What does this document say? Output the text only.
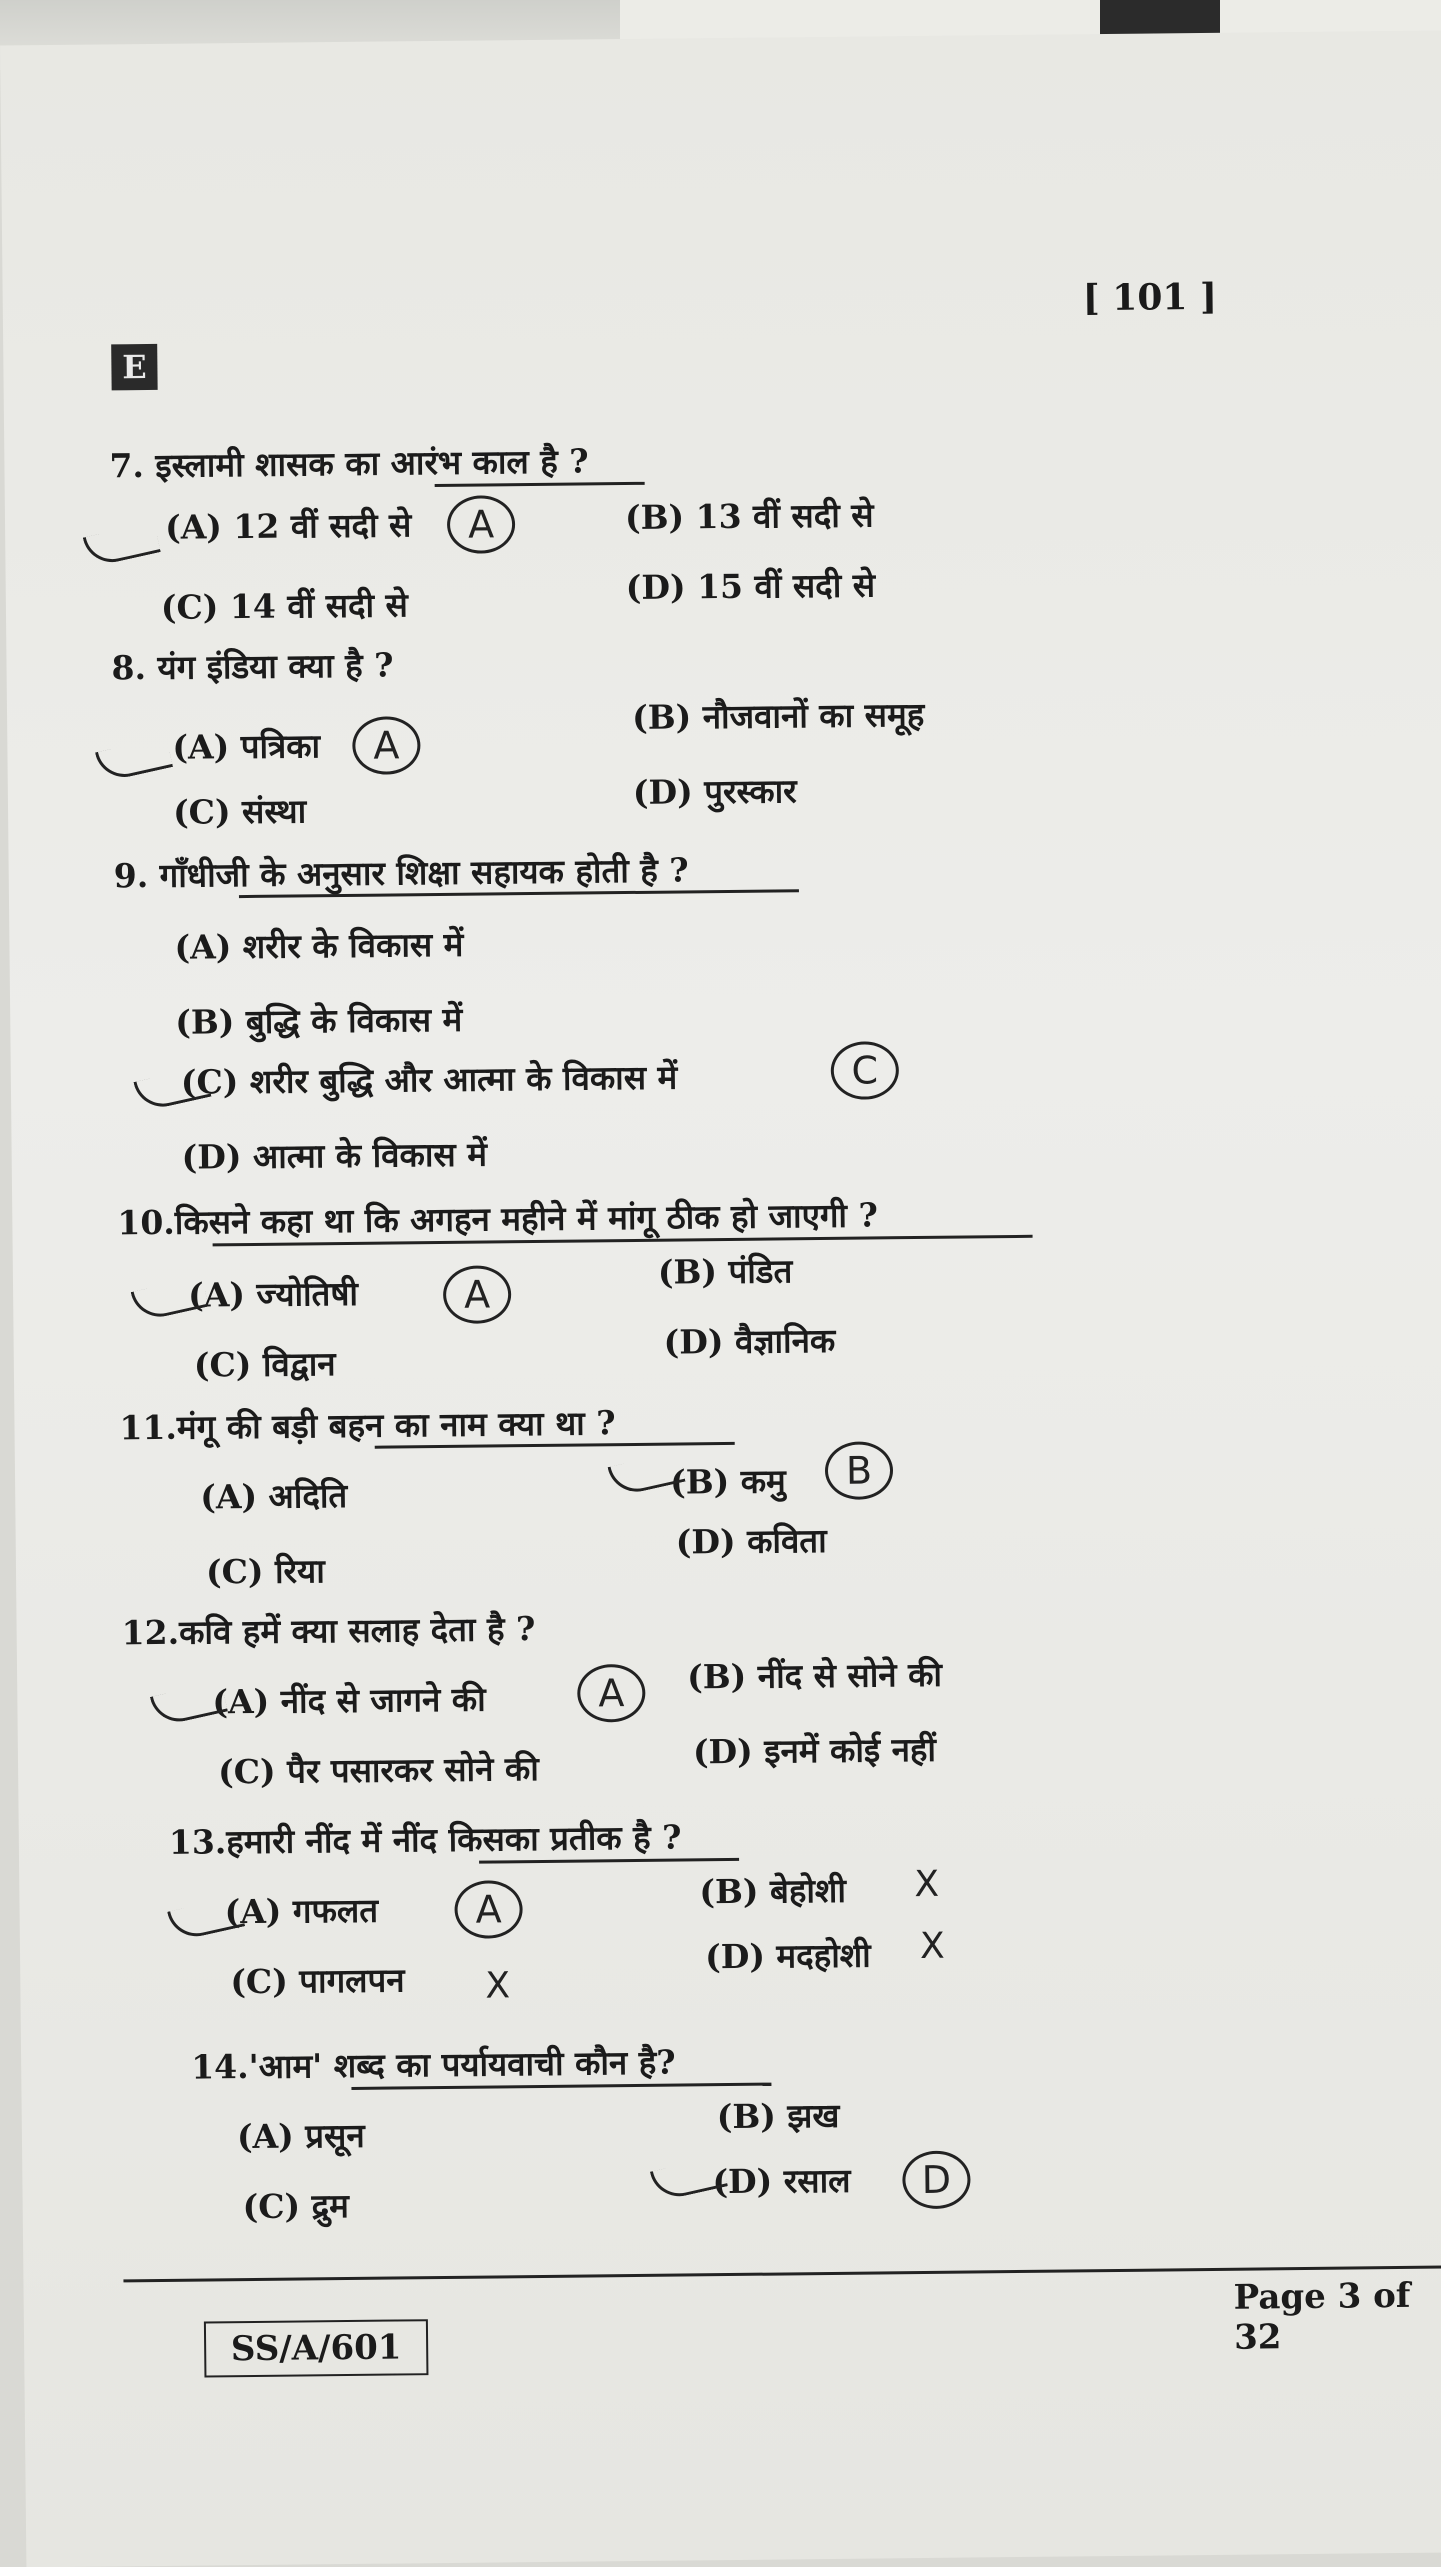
[ 101 ]
E
7. इस्लामी शासक का आरंभ काल है ?
(A) 12 वीं सदी से	(B) 13 वीं सदी से
(C) 14 वीं सदी से	(D) 15 वीं सदी से
A
8. यंग इंडिया क्या है ?
(A) पत्रिका
(B) नौजवानों का समूह
(C) संस्था	(D) पुरस्कार
A
9. गाँधीजी के अनुसार शिक्षा सहायक होती है ?
(A) शरीर के विकास में
(B) बुद्धि के विकास में
(C) शरीर बुद्धि और आत्मा के विकास में
(D) आत्मा के विकास में
C
10.किसने कहा था कि अगहन महीने में मांगू ठीक हो जाएगी ?
(A) ज्योतिषी
(B) पंडित
(C) विद्वान
(D) वैज्ञानिक
A
11.मंगू की बड़ी बहन का नाम क्या था ?
(A) अदिति	(B) कमु
(C) रिया
(D) कविता
B
12.कवि हमें क्या सलाह देता है ?
(A) नींद से जागने की
(B) नींद से सोने की
(C) पैर पसारकर सोने की	(D) इनमें कोई नहीं
A
13.हमारी नींद में नींद किसका प्रतीक है ?
(A) गफलत	(B) बेहोशी
(C) पागलपन
(D) मदहोशी
A
X
X
X
14.'आम' शब्द का पर्यायवाची कौन है?
(A) प्रसून	(B) झख
(C) द्रुम
(D) रसाल	D
SS/A/601
Page 3 of 32
